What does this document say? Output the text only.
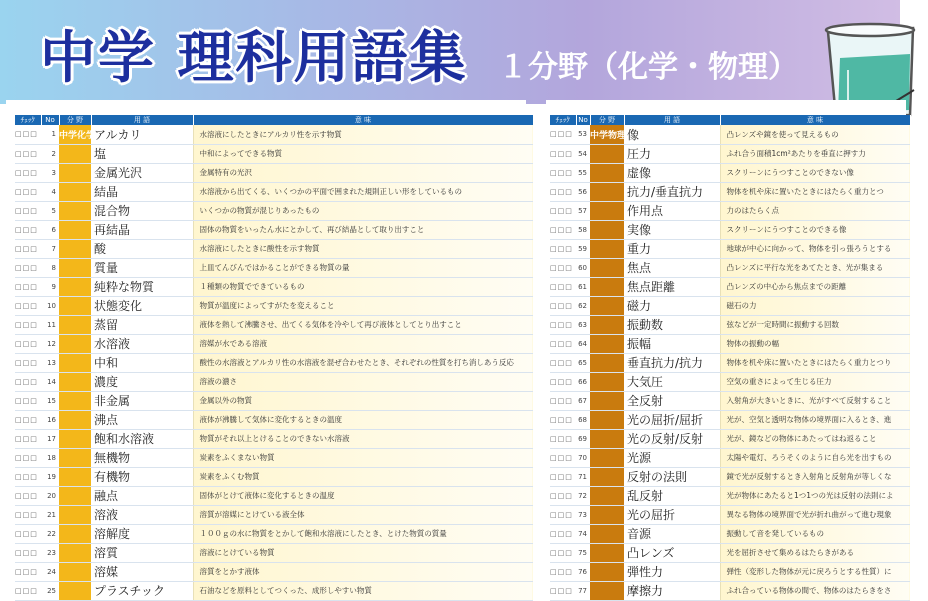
中学 理科用語集 １分野（化学・物理）
ﾁｪｯｸ	No	分 野	用 語	意 味
□□□	1	中学化学	アルカリ	水溶液にしたときにアルカリ性を示す物質
□□□	2		塩	中和によってできる物質
□□□	3		金属光沢	金属特有の光沢
□□□	4		結晶	水溶液から出てくる、いくつかの平面で囲まれた規則正しい形をしているもの
□□□	5		混合物	いくつかの物質が混じりあったもの
□□□	6		再結晶	固体の物質をいったん水にとかして、再び結晶として取り出すこと
□□□	7		酸	水溶液にしたときに酸性を示す物質
□□□	8		質量	上皿てんびんではかることができる物質の量
□□□	9		純粋な物質	１種類の物質でできているもの
□□□	10		状態変化	物質が温度によってすがたを変えること
□□□	11		蒸留	液体を熱して沸騰させ、出てくる気体を冷やして再び液体としてとり出すこと
□□□	12		水溶液	溶媒が水である溶液
□□□	13		中和	酸性の水溶液とアルカリ性の水溶液を混ぜ合わせたとき、それぞれの性質を打ち消しあう反応
□□□	14		濃度	溶液の濃さ
□□□	15		非金属	金属以外の物質
□□□	16		沸点	液体が沸騰して気体に変化するときの温度
□□□	17		飽和水溶液	物質がそれ以上とけることのできない水溶液
□□□	18		無機物	炭素をふくまない物質
□□□	19		有機物	炭素をふくむ物質
□□□	20		融点	固体がとけて液体に変化するときの温度
□□□	21		溶液	溶質が溶媒にとけている液全体
□□□	22		溶解度	１００ｇの水に物質をとかして飽和水溶液にしたとき、とけた物質の質量
□□□	23		溶質	溶液にとけている物質
□□□	24		溶媒	溶質をとかす液体
□□□	25		プラスチック	石油などを原料としてつくった、成形しやすい物質
ﾁｪｯｸ	No	分 野	用 語	意 味
□□□	53	中学物理	像	凸レンズや鏡を使って見えるもの
□□□	54		圧力	ふれ合う面積1cm²あたりを垂直に押す力
□□□	55		虚像	スクリーンにうつすことのできない像
□□□	56		抗力/垂直抗力	物体を机や床に置いたときにはたらく重力とつ
□□□	57		作用点	力のはたらく点
□□□	58		実像	スクリーンにうつすことのできる像
□□□	59		重力	地球が中心に向かって、物体を引っ張ろうとする
□□□	60		焦点	凸レンズに平行な光をあてたとき、光が集まる
□□□	61		焦点距離	凸レンズの中心から焦点までの距離
□□□	62		磁力	磁石の力
□□□	63		振動数	弦などが一定時間に振動する回数
□□□	64		振幅	物体の振動の幅
□□□	65		垂直抗力/抗力	物体を机や床に置いたときにはたらく重力とつり
□□□	66		大気圧	空気の重さによって生じる圧力
□□□	67		全反射	入射角が大きいときに、光がすべて反射すること
□□□	68		光の屈折/屈折	光が、空気と透明な物体の境界面に入るとき、進
□□□	69		光の反射/反射	光が、鏡などの物体にあたってはね返ること
□□□	70		光源	太陽や電灯、ろうそくのように自ら光を出すもの
□□□	71		反射の法則	鏡で光が反射するとき入射角と反射角が等しくな
□□□	72		乱反射	光が物体にあたると1つ1つの光は反射の法則によ
□□□	73		光の屈折	異なる物体の境界面で光が折れ曲がって進む現象
□□□	74		音源	振動して音を発しているもの
□□□	75		凸レンズ	光を屈折させて集めるはたらきがある
□□□	76		弾性力	弾性（変形した物体が元に戻ろうとする性質）に
□□□	77		摩擦力	ふれ合っている物体の間で、物体のはたらきをさ
